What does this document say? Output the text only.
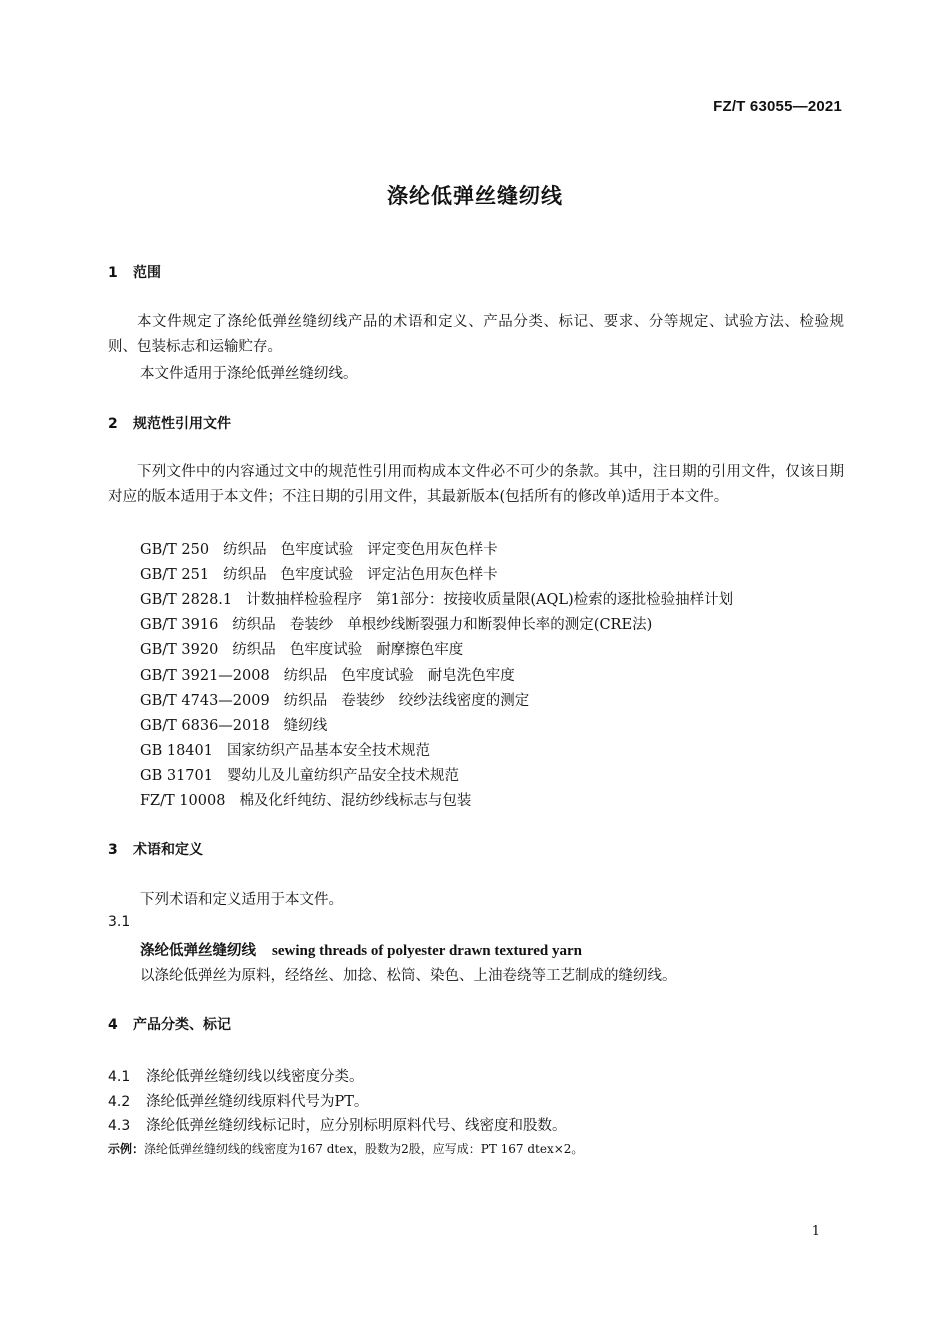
FZ/T 63055—2021
涤纶低弹丝缝纫线
1 范围
本文件规定了涤纶低弹丝缝纫线产品的术语和定义、产品分类、标记、要求、分等规定、试验方法、检验规则、包装标志和运输贮存。
本文件适用于涤纶低弹丝缝纫线。
2 规范性引用文件
下列文件中的内容通过文中的规范性引用而构成本文件必不可少的条款。其中，注日期的引用文件，仅该日期对应的版本适用于本文件；不注日期的引用文件，其最新版本(包括所有的修改单)适用于本文件。
GB/T 250 纺织品 色牢度试验 评定变色用灰色样卡
GB/T 251 纺织品 色牢度试验 评定沾色用灰色样卡
GB/T 2828.1 计数抽样检验程序 第1部分：按接收质量限(AQL)检索的逐批检验抽样计划
GB/T 3916 纺织品 卷装纱 单根纱线断裂强力和断裂伸长率的测定(CRE法)
GB/T 3920 纺织品 色牢度试验 耐摩擦色牢度
GB/T 3921—2008 纺织品 色牢度试验 耐皂洗色牢度
GB/T 4743—2009 纺织品 卷装纱 绞纱法线密度的测定
GB/T 6836—2018 缝纫线
GB 18401 国家纺织产品基本安全技术规范
GB 31701 婴幼儿及儿童纺织产品安全技术规范
FZ/T 10008 棉及化纤纯纺、混纺纱线标志与包装
3 术语和定义
下列术语和定义适用于本文件。
3.1
涤纶低弹丝缝纫线 sewing threads of polyester drawn textured yarn
以涤纶低弹丝为原料，经络丝、加捻、松筒、染色、上油卷绕等工艺制成的缝纫线。
4 产品分类、标记
4.1 涤纶低弹丝缝纫线以线密度分类。
4.2 涤纶低弹丝缝纫线原料代号为PT。
4.3 涤纶低弹丝缝纫线标记时，应分别标明原料代号、线密度和股数。
示例：涤纶低弹丝缝纫线的线密度为167 dtex，股数为2股，应写成：PT 167 dtex×2。
1
